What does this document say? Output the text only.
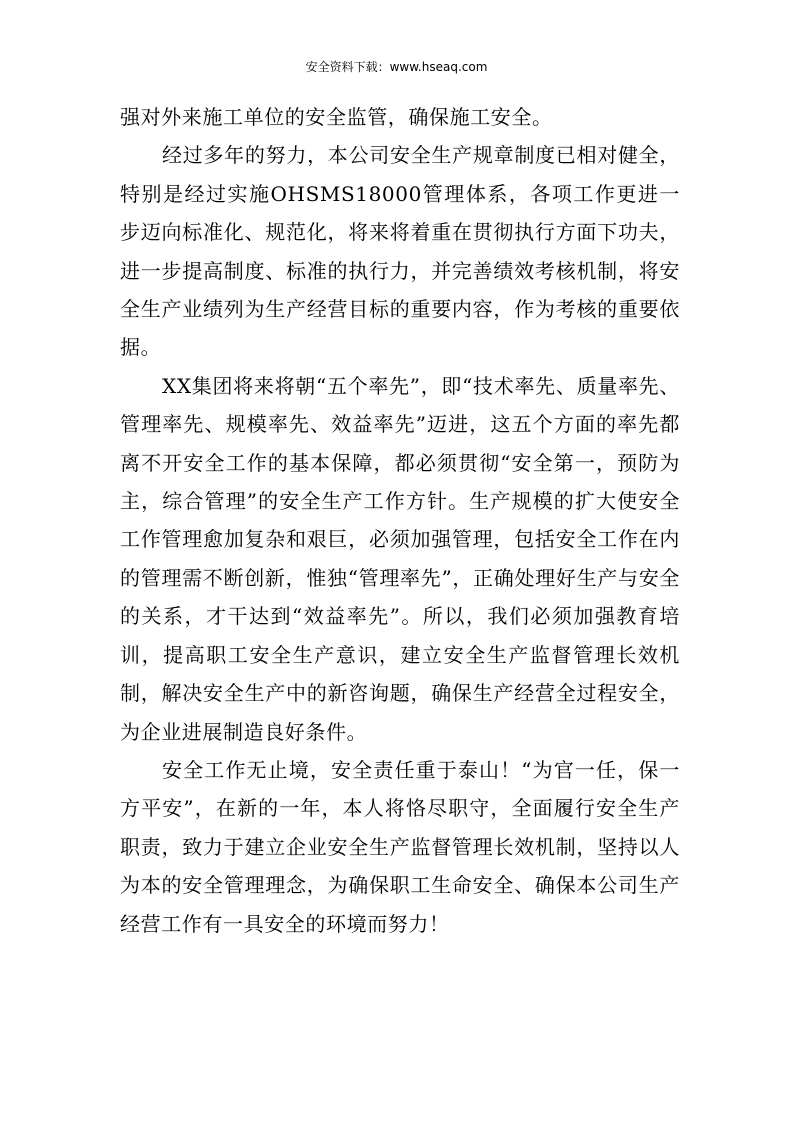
安全资料下载：www.hseaq.com

强对外来施工单位的安全监管，确保施工安全。

经过多年的努力，本公司安全生产规章制度已相对健全，特别是经过实施OHSMS18000管理体系，各项工作更进一步迈向标准化、规范化，将来将着重在贯彻执行方面下功夫，进一步提高制度、标准的执行力，并完善绩效考核机制，将安全生产业绩列为生产经营目标的重要内容，作为考核的重要依据。

XX集团将来将朝“五个率先”，即“技术率先、质量率先、管理率先、规模率先、效益率先”迈进，这五个方面的率先都离不开安全工作的基本保障，都必须贯彻“安全第一，预防为主，综合管理”的安全生产工作方针。生产规模的扩大使安全工作管理愈加复杂和艰巨，必须加强管理，包括安全工作在内的管理需不断创新，惟独“管理率先”，正确处理好生产与安全的关系，才干达到“效益率先”。所以，我们必须加强教育培训，提高职工安全生产意识，建立安全生产监督管理长效机制，解决安全生产中的新咨询题，确保生产经营全过程安全，为企业进展制造良好条件。

安全工作无止境，安全责任重于泰山！“为官一任，保一方平安”，在新的一年，本人将恪尽职守，全面履行安全生产职责，致力于建立企业安全生产监督管理长效机制，坚持以人为本的安全管理理念，为确保职工生命安全、确保本公司生产经营工作有一具安全的环境而努力！
